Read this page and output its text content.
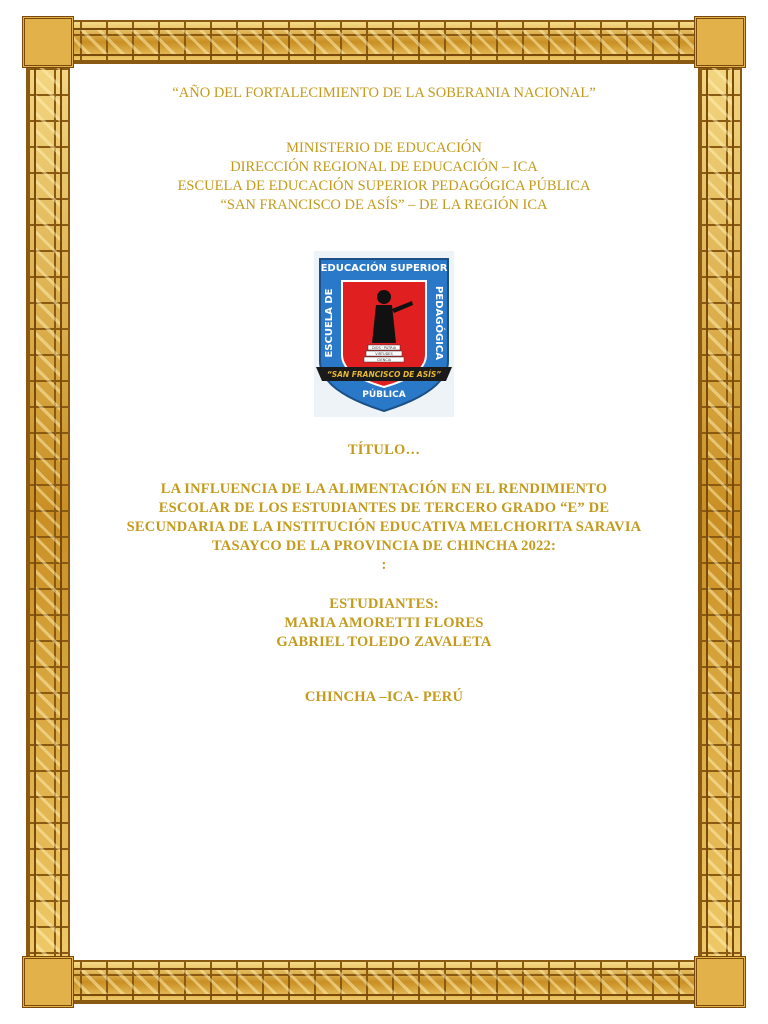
“AÑO DEL FORTALECIMIENTO DE LA SOBERANIA NACIONAL”

MINISTERIO DE EDUCACIÓN

DIRECCIÓN REGIONAL DE EDUCACIÓN – ICA

ESCUELA DE EDUCACIÓN SUPERIOR PEDAGÓGICA PÚBLICA

“SAN FRANCISCO DE ASÍS” – DE LA REGIÓN ICA

DIOS · PATRIA
VIRTUDES
CIENCIA
EDUCACIÓN SUPERIOR
ESCUELA DE	PEDAGÓGICA
“SAN FRANCISCO DE ASÍS”
PÚBLICA

TÍTULO…

LA INFLUENCIA DE LA ALIMENTACIÓN EN EL RENDIMIENTO

ESCOLAR DE LOS ESTUDIANTES DE TERCERO GRADO “E” DE

SECUNDARIA DE LA INSTITUCIÓN EDUCATIVA MELCHORITA SARAVIA

TASAYCO DE LA PROVINCIA DE CHINCHA 2022:

:

ESTUDIANTES:

MARIA AMORETTI FLORES

GABRIEL TOLEDO ZAVALETA

CHINCHA –ICA- PERÚ
